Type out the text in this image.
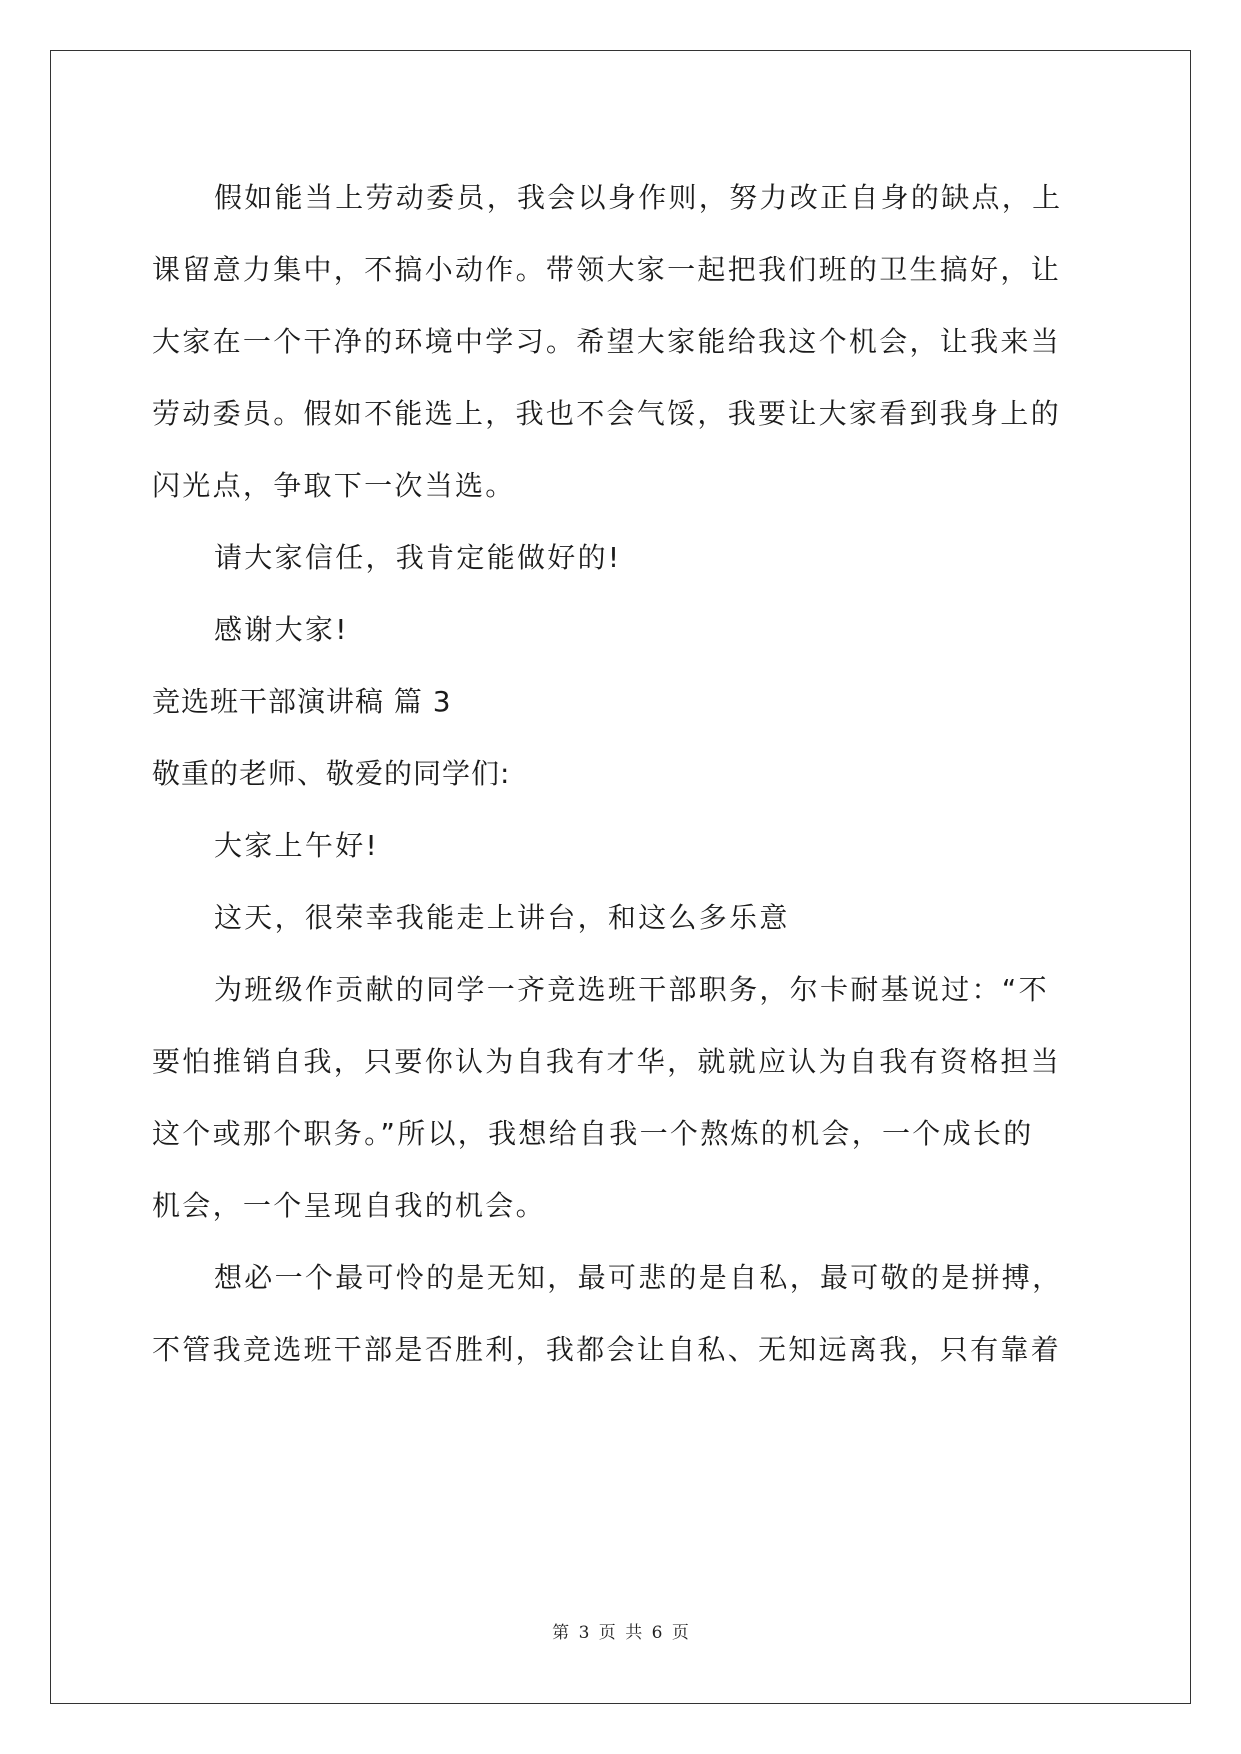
假如能当上劳动委员，我会以身作则，努力改正自身的缺点，上
课留意力集中，不搞小动作。带领大家一起把我们班的卫生搞好，让
大家在一个干净的环境中学习。希望大家能给我这个机会，让我来当
劳动委员。假如不能选上，我也不会气馁，我要让大家看到我身上的
闪光点，争取下一次当选。
请大家信任，我肯定能做好的!
感谢大家!
竞选班干部演讲稿 篇 3
敬重的老师、敬爱的同学们:
大家上午好!
这天，很荣幸我能走上讲台，和这么多乐意
为班级作贡献的同学一齐竞选班干部职务，尔卡耐基说过：“不
要怕推销自我，只要你认为自我有才华，就就应认为自我有资格担当
这个或那个职务。”所以，我想给自我一个熬炼的机会，一个成长的
机会，一个呈现自我的机会。
想必一个最可怜的是无知，最可悲的是自私，最可敬的是拼搏，
不管我竞选班干部是否胜利，我都会让自私、无知远离我，只有靠着
第 3 页 共 6 页
